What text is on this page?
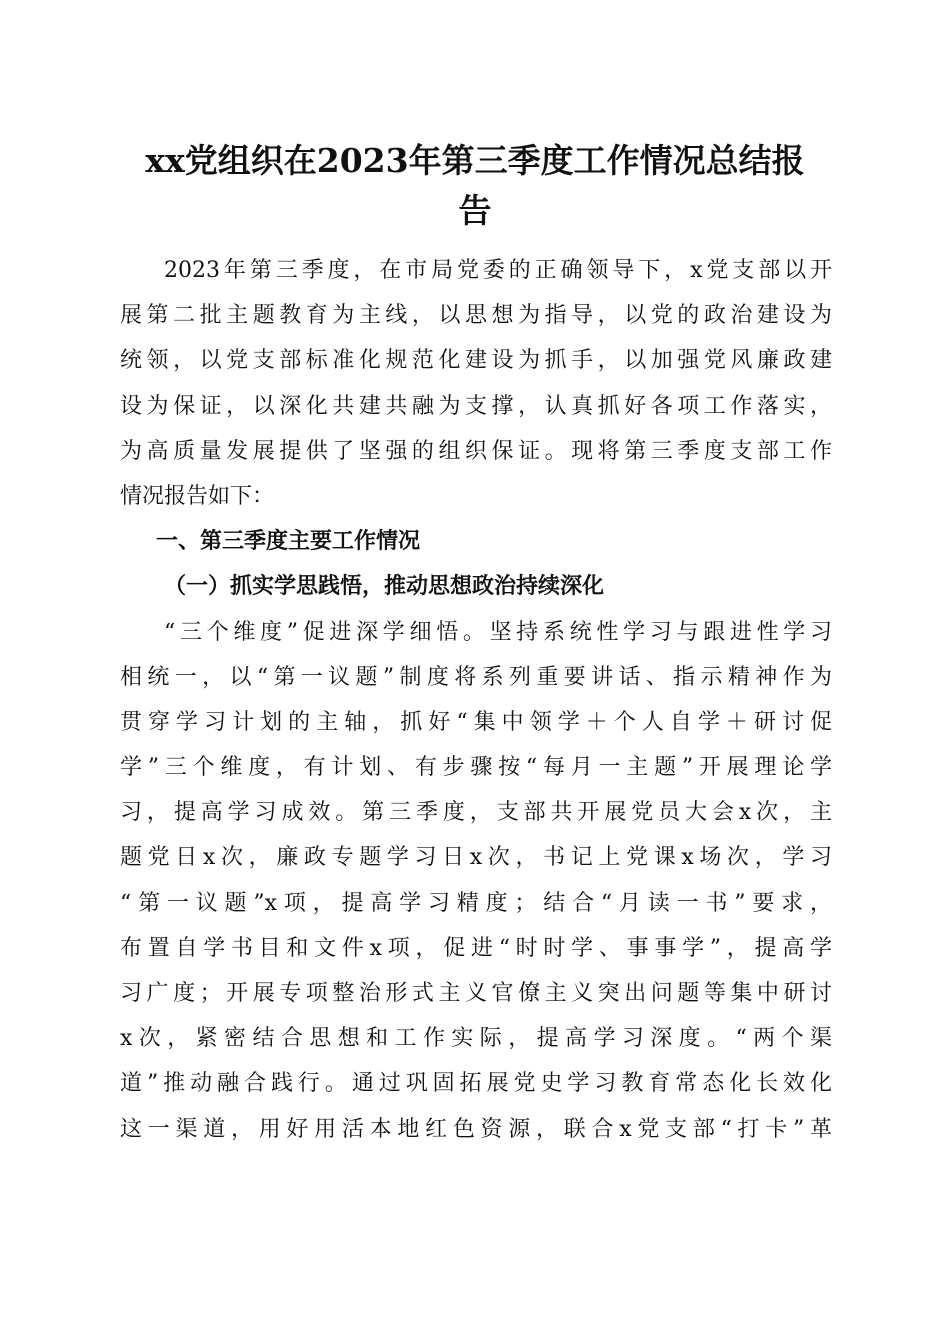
xx党组织在2023年第三季度工作情况总结报
告
2023年第三季度，在市局党委的正确领导下，x党支部以开
展第二批主题教育为主线，以思想为指导，以党的政治建设为
统领，以党支部标准化规范化建设为抓手，以加强党风廉政建
设为保证，以深化共建共融为支撑，认真抓好各项工作落实，
为高质量发展提供了坚强的组织保证。现将第三季度支部工作
情况报告如下：
一、第三季度主要工作情况
（一）抓实学思践悟，推动思想政治持续深化
“三个维度”促进深学细悟。坚持系统性学习与跟进性学习
相统一，以“第一议题”制度将系列重要讲话、指示精神作为
贯穿学习计划的主轴，抓好“集中领学＋个人自学＋研讨促
学”三个维度，有计划、有步骤按“每月一主题”开展理论学
习，提高学习成效。第三季度，支部共开展党员大会x次，主
题党日x次，廉政专题学习日x次，书记上党课x场次，学习
“第一议题”x项，提高学习精度；结合“月读一书”要求，
布置自学书目和文件x项，促进“时时学、事事学”，提高学
习广度；开展专项整治形式主义官僚主义突出问题等集中研讨
x次，紧密结合思想和工作实际，提高学习深度。“两个渠
道”推动融合践行。通过巩固拓展党史学习教育常态化长效化
这一渠道，用好用活本地红色资源，联合x党支部“打卡”革
